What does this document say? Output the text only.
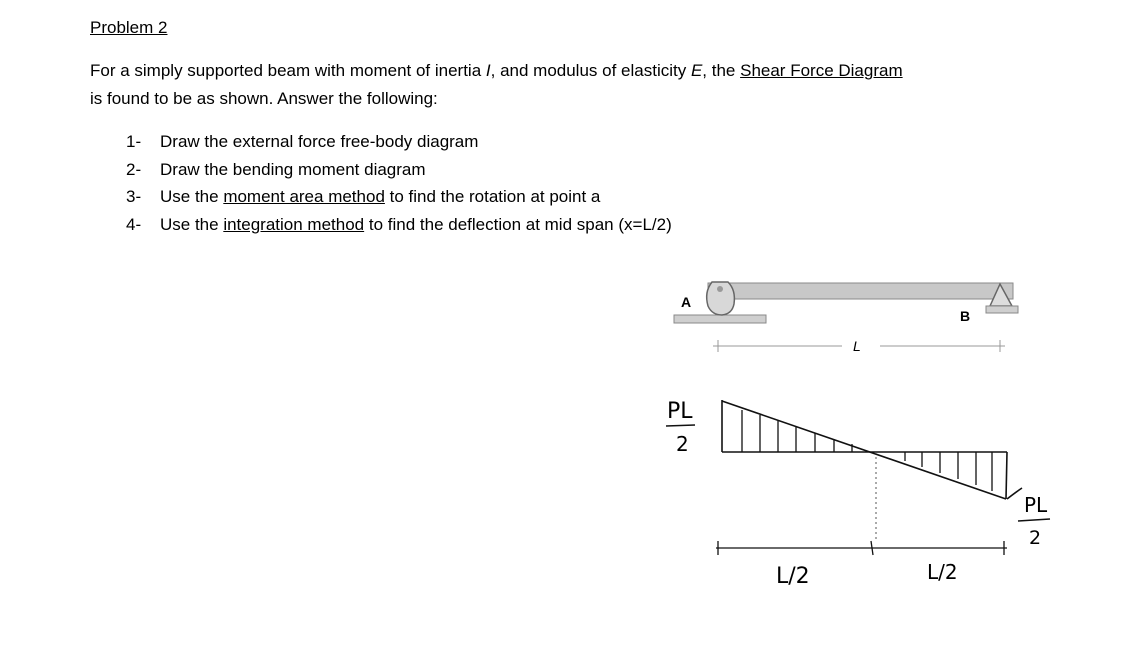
Problem 2
For a simply supported beam with moment of inertia I, and modulus of elasticity E, the Shear Force Diagram
is found to be as shown. Answer the following:
1- Draw the external force free-body diagram
2- Draw the bending moment diagram
3- Use the moment area method to find the rotation at point a
4- Use the integration method to find the deflection at mid span (x=L/2)
A
B
L
PL
2
PL
2
L/2	L/2
